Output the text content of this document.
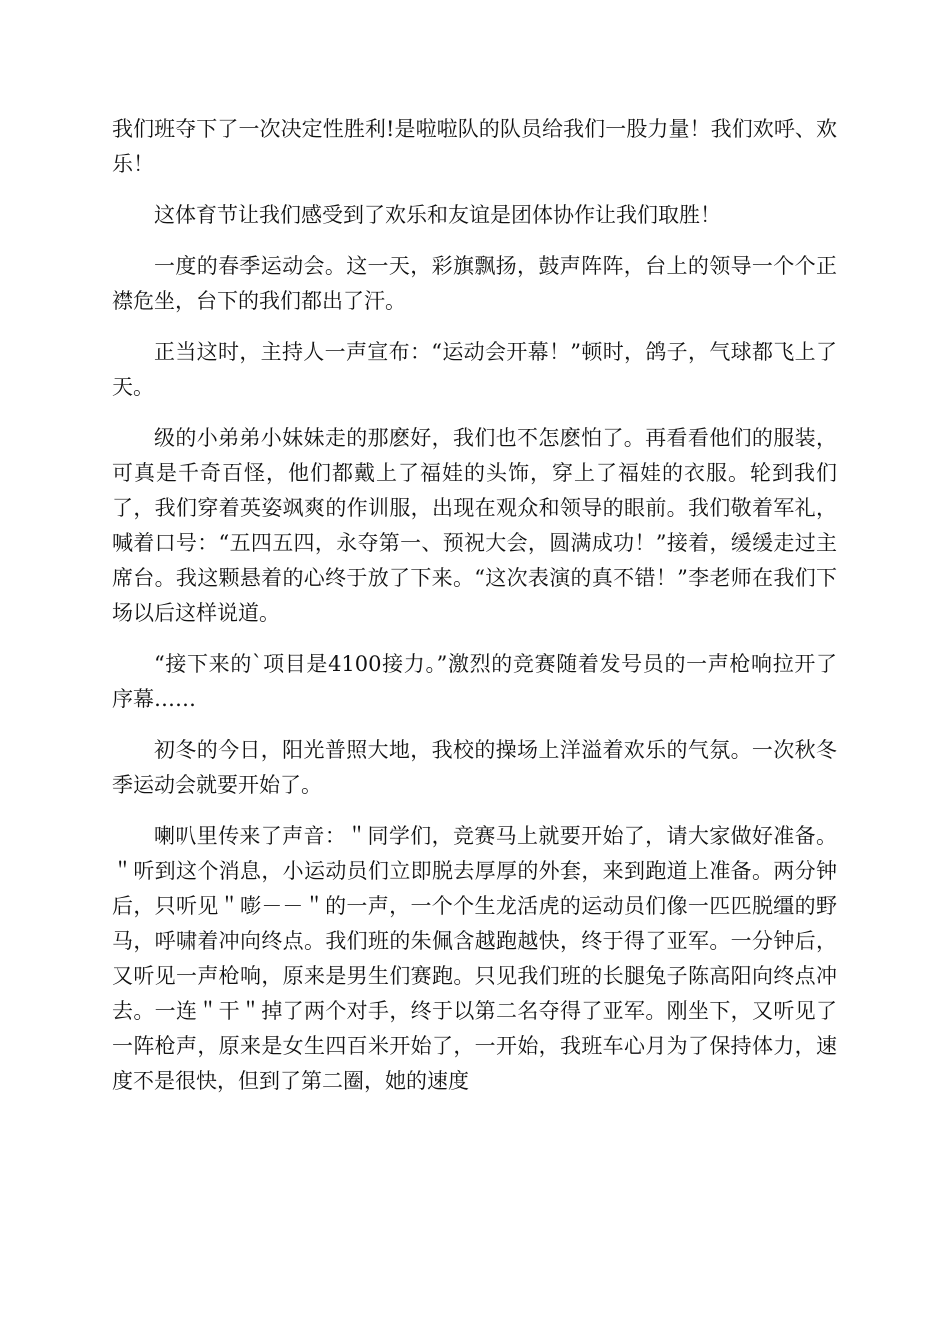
我们班夺下了一次决定性胜利!是啦啦队的队员给我们一股力量！我们欢呼、欢乐！

这体育节让我们感受到了欢乐和友谊是团体协作让我们取胜！

一度的春季运动会。这一天，彩旗飘扬，鼓声阵阵，台上的领导一个个正襟危坐，台下的我们都出了汗。

正当这时，主持人一声宣布：“运动会开幕！”顿时，鸽子，气球都飞上了天。

级的小弟弟小妹妹走的那麽好，我们也不怎麽怕了。再看看他们的服装，可真是千奇百怪，他们都戴上了福娃的头饰，穿上了福娃的衣服。轮到我们了，我们穿着英姿飒爽的作训服，出现在观众和领导的眼前。我们敬着军礼，喊着口号：“五四五四，永夺第一、预祝大会，圆满成功！”接着，缓缓走过主席台。我这颗悬着的心终于放了下来。“这次表演的真不错！”李老师在我们下场以后这样说道。

“接下来的`项目是4100接力。”激烈的竞赛随着发号员的一声枪响拉开了序幕……

初冬的今日，阳光普照大地，我校的操场上洋溢着欢乐的气氛。一次秋冬季运动会就要开始了。

喇叭里传来了声音：＂同学们，竞赛马上就要开始了，请大家做好准备。＂听到这个消息，小运动员们立即脱去厚厚的外套，来到跑道上准备。两分钟后，只听见＂嘭－－＂的一声，一个个生龙活虎的运动员们像一匹匹脱缰的野马，呼啸着冲向终点。我们班的朱佩含越跑越快，终于得了亚军。一分钟后，又听见一声枪响，原来是男生们赛跑。只见我们班的长腿兔子陈高阳向终点冲去。一连＂干＂掉了两个对手，终于以第二名夺得了亚军。刚坐下，又听见了一阵枪声，原来是女生四百米开始了，一开始，我班车心月为了保持体力，速度不是很快，但到了第二圈，她的速度
